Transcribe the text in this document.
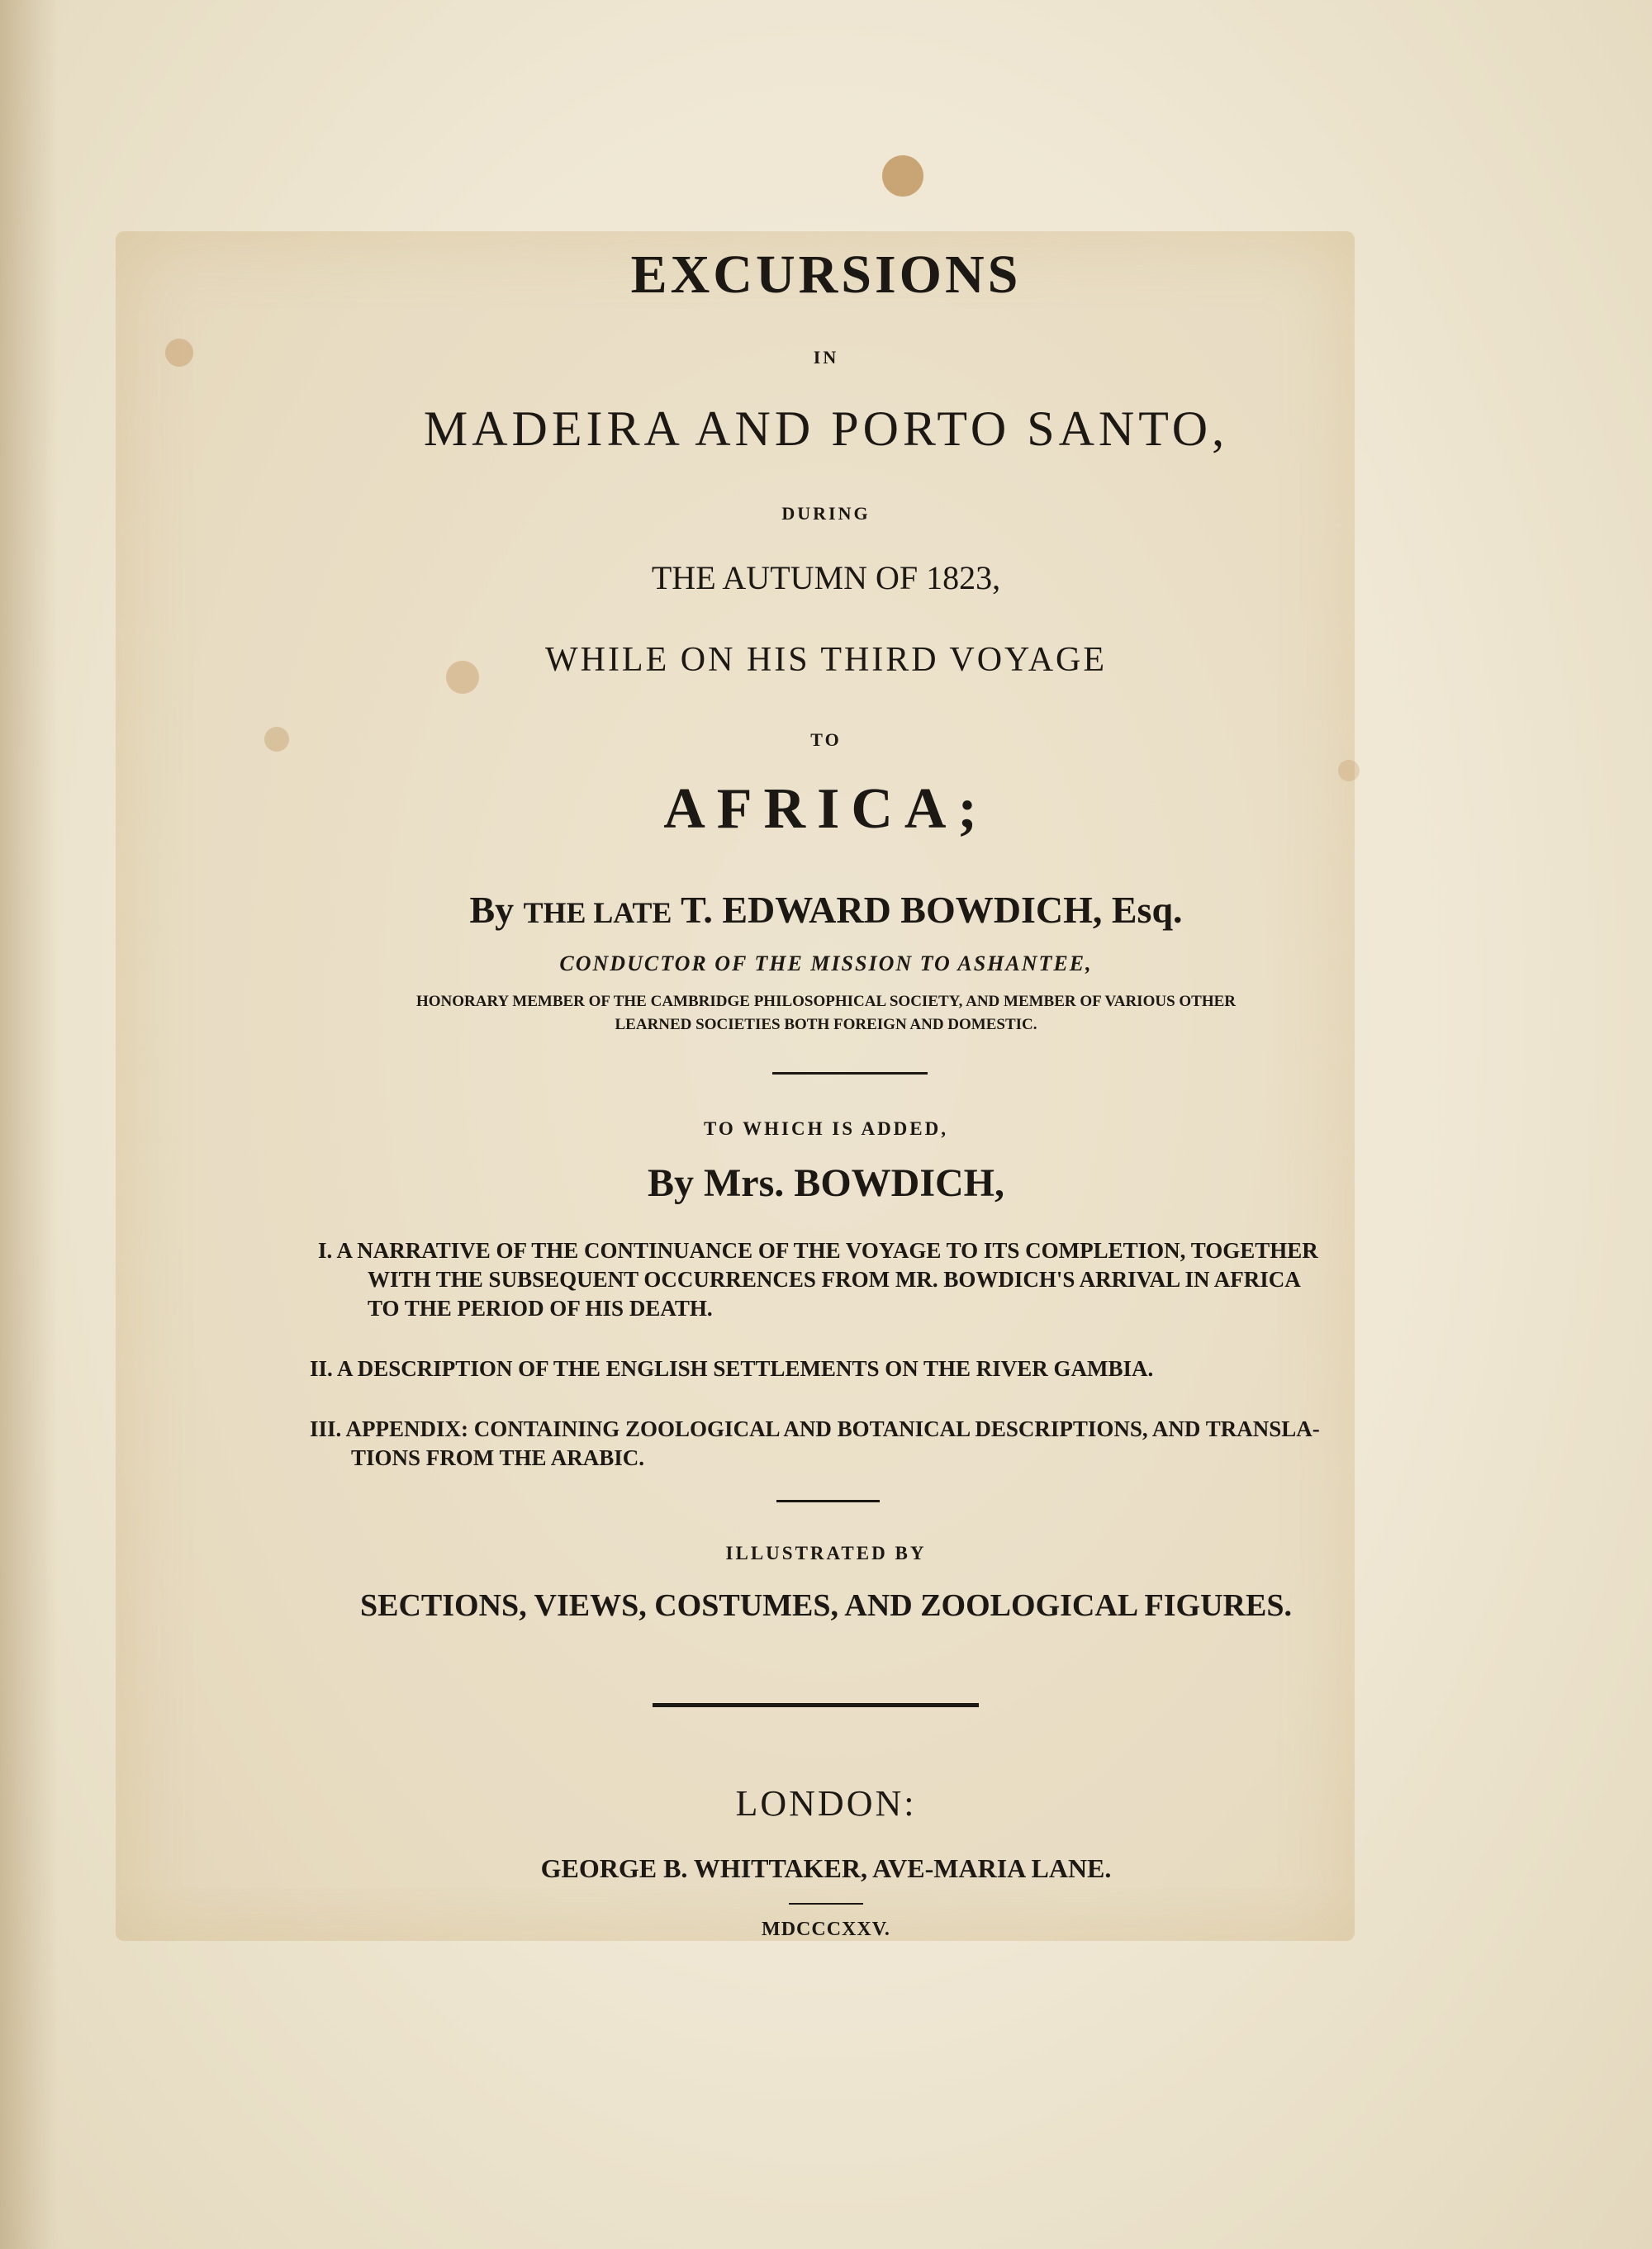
EXCURSIONS
IN
MADEIRA AND PORTO SANTO,
DURING
THE AUTUMN OF 1823,
WHILE ON HIS THIRD VOYAGE
TO
AFRICA;
By THE LATE T. EDWARD BOWDICH, Esq.
CONDUCTOR OF THE MISSION TO ASHANTEE,
HONORARY MEMBER OF THE CAMBRIDGE PHILOSOPHICAL SOCIETY, AND MEMBER OF VARIOUS OTHER
LEARNED SOCIETIES BOTH FOREIGN AND DOMESTIC.
TO WHICH IS ADDED,
By Mrs. BOWDICH,
I. A NARRATIVE OF THE CONTINUANCE OF THE VOYAGE TO ITS COMPLETION, TOGETHER
WITH THE SUBSEQUENT OCCURRENCES FROM MR. BOWDICH'S ARRIVAL IN AFRICA
TO THE PERIOD OF HIS DEATH.
II. A DESCRIPTION OF THE ENGLISH SETTLEMENTS ON THE RIVER GAMBIA.
III. APPENDIX: CONTAINING ZOOLOGICAL AND BOTANICAL DESCRIPTIONS, AND TRANSLA-
TIONS FROM THE ARABIC.
ILLUSTRATED BY
SECTIONS, VIEWS, COSTUMES, AND ZOOLOGICAL FIGURES.
LONDON:
GEORGE B. WHITTAKER, AVE-MARIA LANE.
MDCCCXXV.
